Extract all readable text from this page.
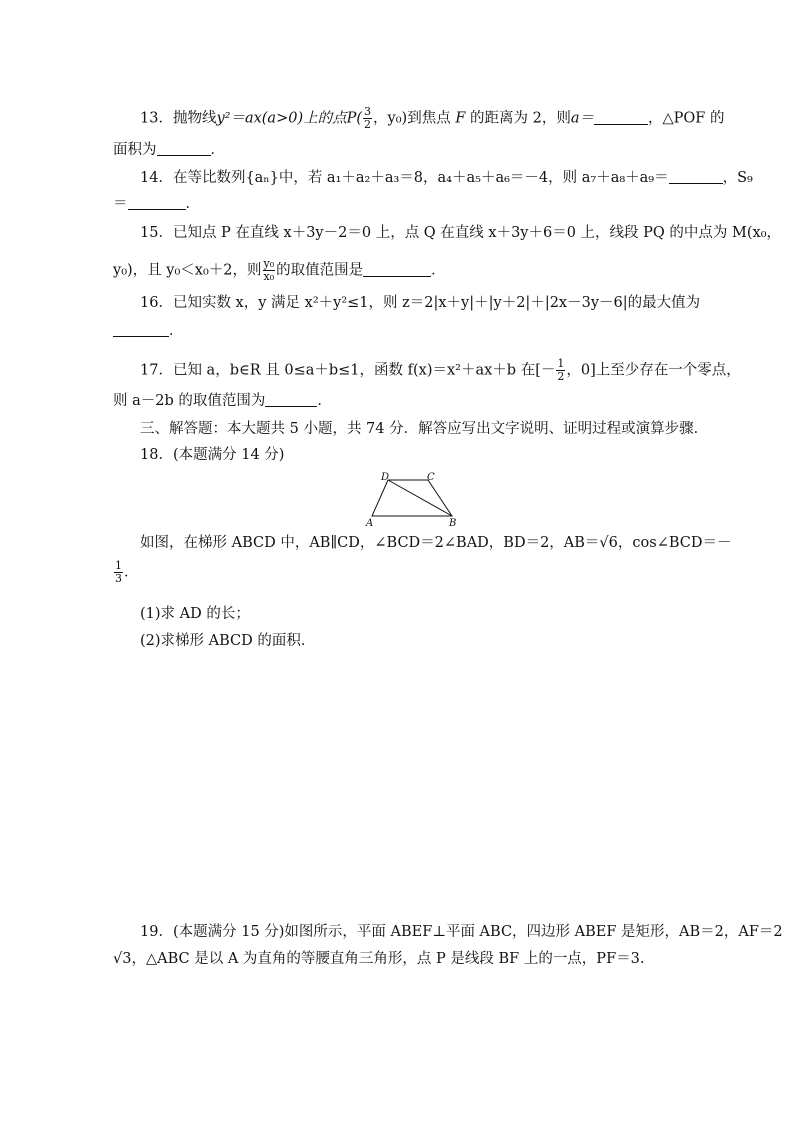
13．抛物线y²＝ax(a>0)上的点$P( \frac{3}{2}$ ，y₀)到焦点 F 的距离为 2，则a＝	，△POF 的
面积为	．
14．在等比数列{aₙ}中，若 a₁＋a₂＋a₃＝8，a₄＋a₅＋a₆＝－4，则 a₇＋a₈＋a₉＝	，S₉
＝	．
15．已知点 P 在直线 x＋3y－2＝0 上，点 Q 在直线 x＋3y＋6＝0 上，线段 PQ 的中点为 M(x₀，
y₀)，且 y₀＜x₀＋2，则 $\frac{\text{y₀}}{\text{x₀}}$ 的取值范围是	．
16．已知实数 x，y 满足 x²＋y²≤1，则 z＝2|x＋y|＋|y＋2|＋|2x－3y－6|的最大值为
．
17．已知 a，b∈R 且 0≤a＋b≤1，函数 f(x)＝x²＋ax＋b 在[－ $\frac{1}{2}$ ，0]上至少存在一个零点，
则 a－2b 的取值范围为	．
三、解答题：本大题共 5 小题，共 74 分．解答应写出文字说明、证明过程或演算步骤．
18．(本题满分 14 分)
D	C
A	B
如图，在梯形 ABCD 中，AB∥CD，∠BCD＝2∠BAD，BD＝2，AB＝√6，cos∠BCD＝－
$\frac{1}{3}$ ．
(1)求 AD 的长；
(2)求梯形 ABCD 的面积．
19．(本题满分 15 分)如图所示，平面 ABEF⊥平面 ABC，四边形 ABEF 是矩形，AB＝2，AF＝2
√3，△ABC 是以 A 为直角的等腰直角三角形，点 P 是线段 BF 上的一点，PF＝3.
